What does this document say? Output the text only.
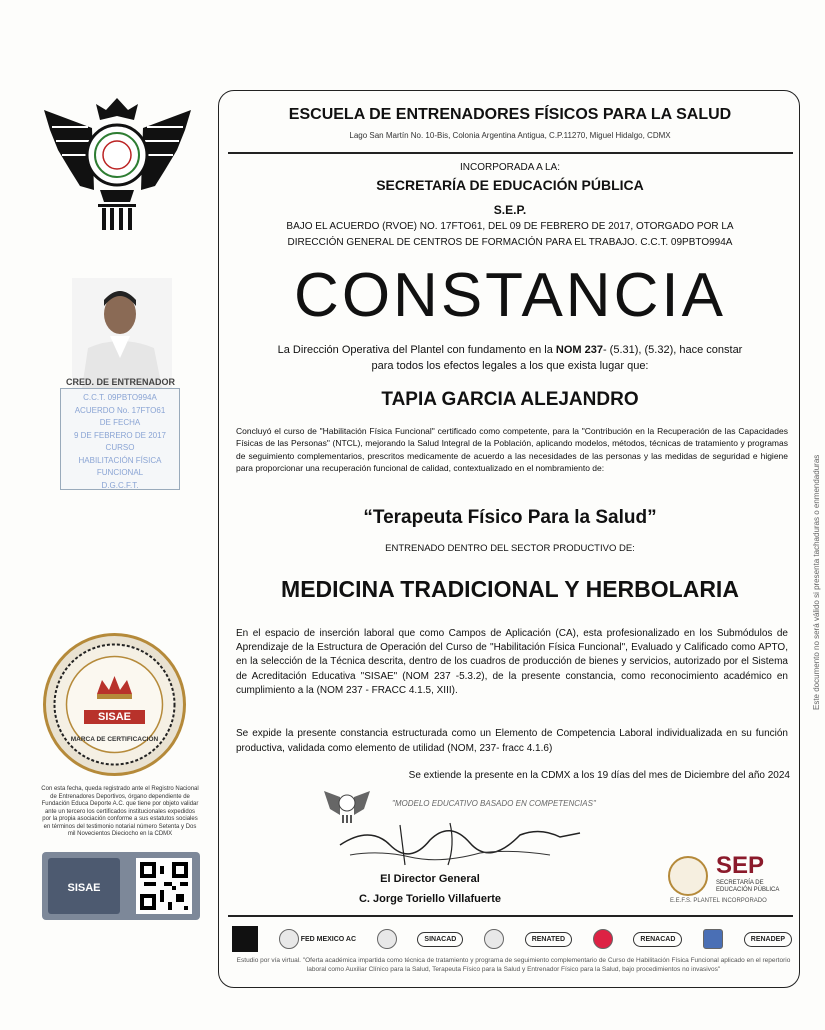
CRED. DE ENTRENADOR
C.C.T. 09PBTO994A
ACUERDO No. 17FTO61
DE FECHA
9 DE FEBRERO DE 2017
CURSO
HABILITACIÓN FÍSICA FUNCIONAL
D.G.C.F.T.
SISAE
MARCA DE CERTIFICACIÓN
Con esta fecha, queda registrado ante el Registro Nacional de Entrenadores Deportivos, órgano dependiente de Fundación Educa Deporte A.C. que tiene por objeto validar ante un tercero los certificados institucionales expedidos por la propia asociación conforme a sus estatutos sociales en términos del testimonio notarial número Setenta y Dos mil Novecientos Dieciocho en la CDMX
SISAE
ESCUELA DE ENTRENADORES FÍSICOS PARA LA SALUD
Lago San Martín No. 10-Bis, Colonia Argentina Antigua, C.P.11270, Miguel Hidalgo, CDMX
INCORPORADA A LA:
SECRETARÍA DE EDUCACIÓN PÚBLICA
S.E.P.
BAJO EL ACUERDO (RVOE) NO. 17FTO61, DEL 09 DE FEBRERO DE 2017, OTORGADO POR LA
DIRECCIÓN GENERAL DE CENTROS DE FORMACIÓN PARA EL TRABAJO. C.C.T. 09PBTO994A
CONSTANCIA
La Dirección Operativa del Plantel con fundamento en la NOM 237- (5.31), (5.32), hace constar
para todos los efectos legales a los que exista lugar que:
TAPIA GARCIA ALEJANDRO
Concluyó el curso de "Habilitación Física Funcional" certificado como competente, para la "Contribución en la Recuperación de las Capacidades Físicas de las Personas" (NTCL), mejorando la Salud Integral de la Población, aplicando modelos, métodos, técnicas de tratamiento y programas de seguimiento complementarios, prescritos medicamente de acuerdo a las necesidades de las personas y las medidas de seguridad e higiene para proporcionar una recuperación funcional de calidad, contextualizado en el nombramiento de:
“Terapeuta Físico Para la Salud”
ENTRENADO DENTRO DEL SECTOR PRODUCTIVO DE:
MEDICINA TRADICIONAL Y HERBOLARIA
En el espacio de inserción laboral que como Campos de Aplicación (CA), esta profesionalizado en los Submódulos de Aprendizaje de la Estructura de Operación del Curso de "Habilitación Física Funcional", Evaluado y Calificado como APTO, en la selección de la Técnica descrita, dentro de los cuadros de producción de bienes y servicios, autorizado por el Sistema de Acreditación Educativa "SISAE" (NOM 237 -5.3.2), de la presente constancia, como reconocimiento académico en cumplimiento a la (NOM 237 - FRACC 4.1.5, XIII).
Se expide la presente constancia estructurada como un Elemento de Competencia Laboral individualizada en su función productiva, validada como elemento de utilidad (NOM, 237- fracc 4.1.6)
Se extiende la presente en la CDMX a los 19 días del mes de Diciembre del año 2024
"MODELO EDUCATIVO BASADO EN COMPETENCIAS"
El Director General
C. Jorge Toriello Villafuerte
SEP
SECRETARÍA DE
EDUCACIÓN PÚBLICA
E.E.F.S. PLANTEL INCORPORADO
FED MEXICO AC	SINACAD	RENATED	RENACAD	RENADEP
Estudio por vía virtual. "Oferta académica impartida como técnica de tratamiento y programa de seguimiento complementario de Curso de Habilitación Física Funcional aplicado en el repertorio laboral como Auxiliar Clínico para la Salud, Terapeuta Físico para la Salud y Entrenador Físico para la Salud, bajo procedimientos no invasivos"
Este documento no será válido si presenta tachaduras o enmendaduras
